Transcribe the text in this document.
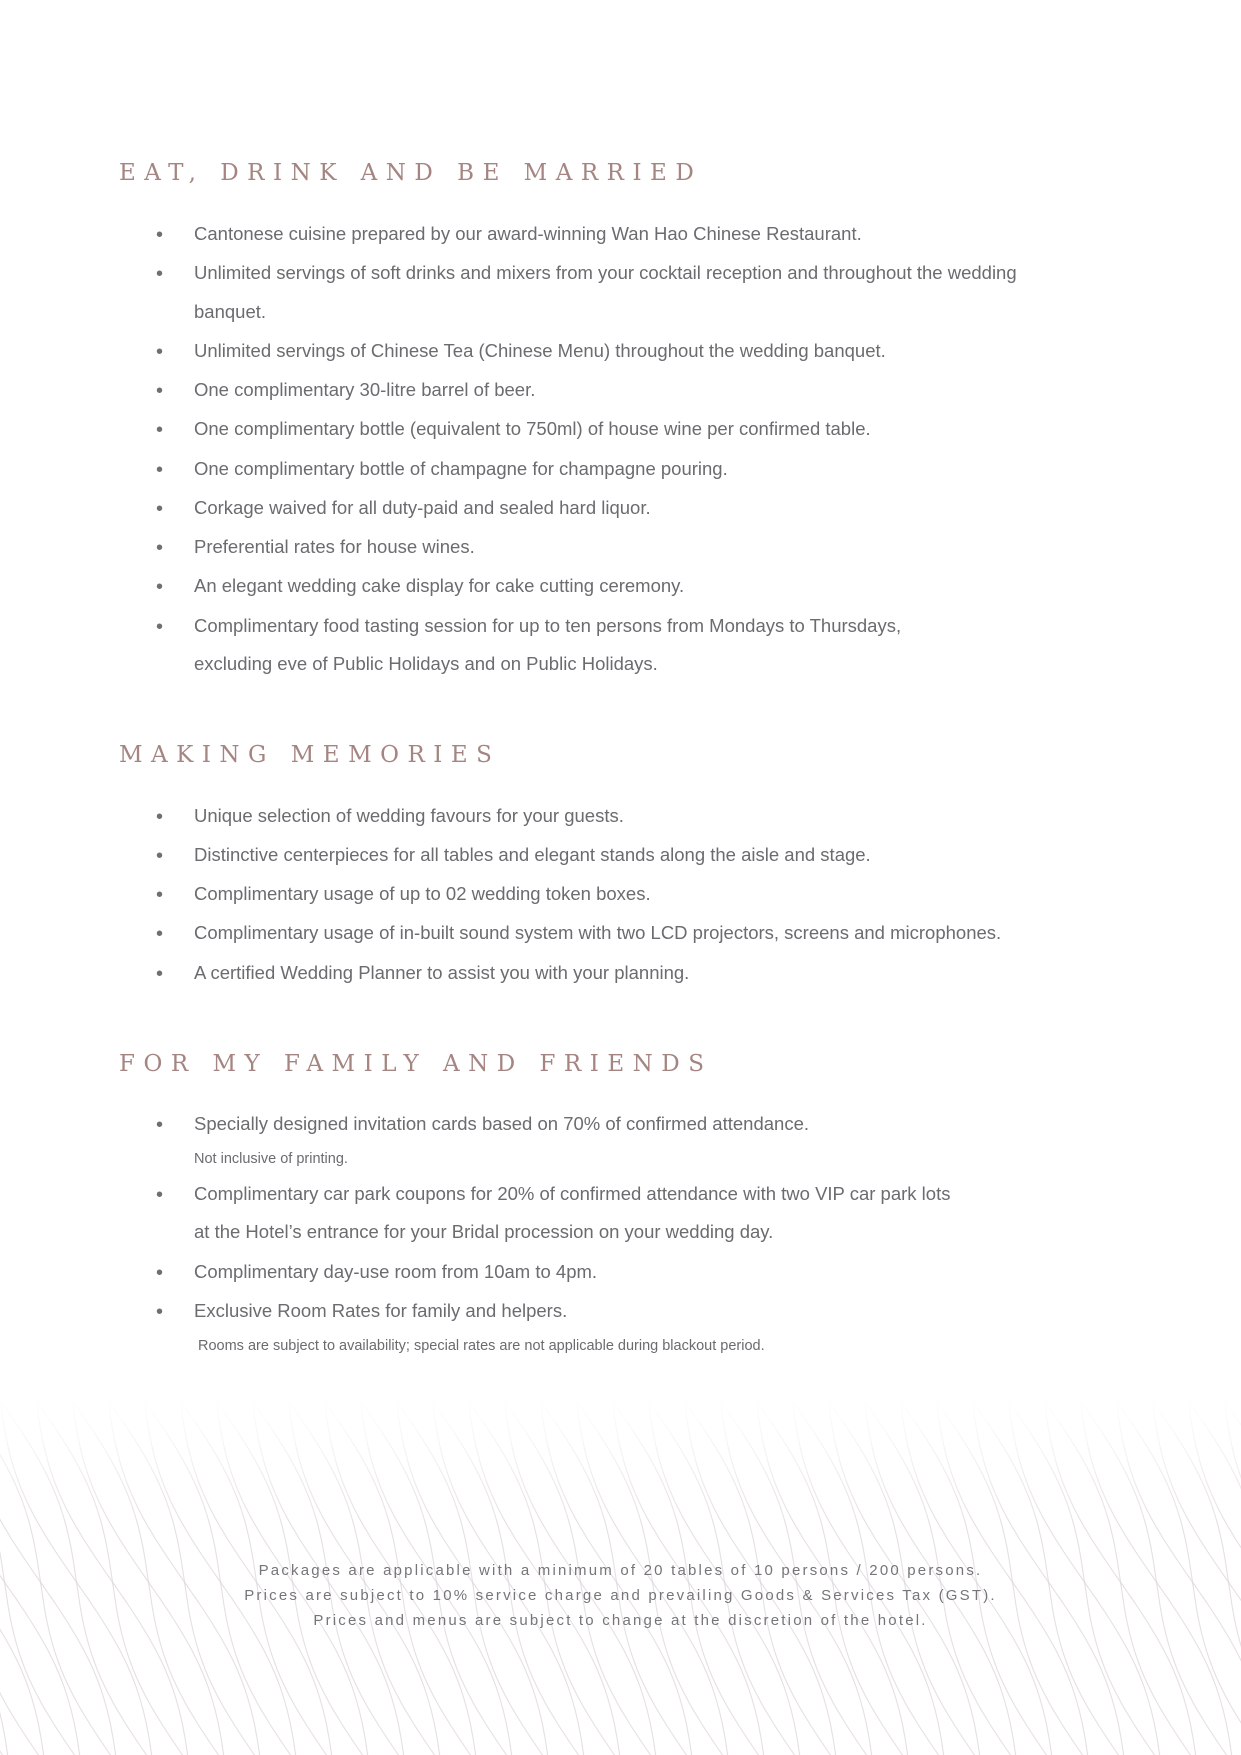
EAT, DRINK AND BE MARRIED
• Cantonese cuisine prepared by our award-winning Wan Hao Chinese Restaurant.
• Unlimited servings of soft drinks and mixers from your cocktail reception and throughout the wedding
banquet.
• Unlimited servings of Chinese Tea (Chinese Menu) throughout the wedding banquet.
• One complimentary 30-litre barrel of beer.
• One complimentary bottle (equivalent to 750ml) of house wine per confirmed table.
• One complimentary bottle of champagne for champagne pouring.
• Corkage waived for all duty-paid and sealed hard liquor.
• Preferential rates for house wines.
• An elegant wedding cake display for cake cutting ceremony.
• Complimentary food tasting session for up to ten persons from Mondays to Thursdays,
excluding eve of Public Holidays and on Public Holidays.
MAKING MEMORIES
• Unique selection of wedding favours for your guests.
• Distinctive centerpieces for all tables and elegant stands along the aisle and stage.
• Complimentary usage of up to 02 wedding token boxes.
• Complimentary usage of in-built sound system with two LCD projectors, screens and microphones.
• A certified Wedding Planner to assist you with your planning.
FOR MY FAMILY AND FRIENDS
• Specially designed invitation cards based on 70% of confirmed attendance.
Not inclusive of printing.
• Complimentary car park coupons for 20% of confirmed attendance with two VIP car park lots
at the Hotel’s entrance for your Bridal procession on your wedding day.
• Complimentary day-use room from 10am to 4pm.
• Exclusive Room Rates for family and helpers.
Rooms are subject to availability; special rates are not applicable during blackout period.
Packages are applicable with a minimum of 20 tables of 10 persons / 200 persons.
Prices are subject to 10% service charge and prevailing Goods & Services Tax (GST).
Prices and menus are subject to change at the discretion of the hotel.
